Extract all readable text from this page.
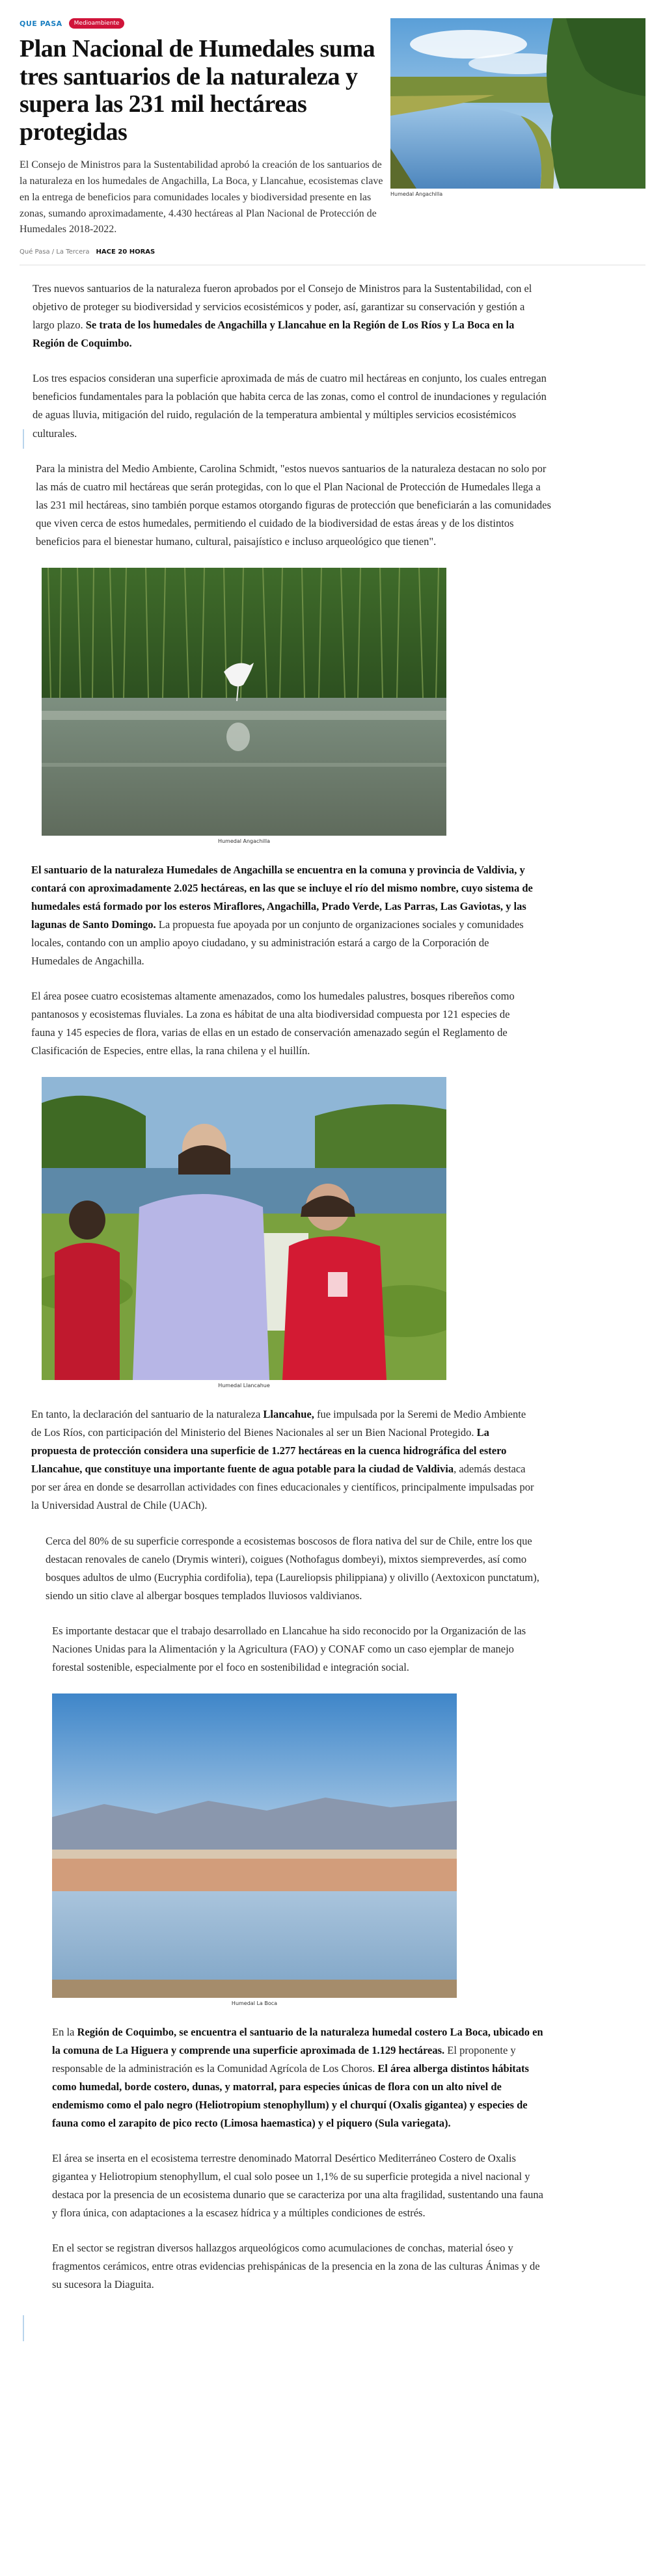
QUE PASA	Medioambiente
Plan Nacional de Humedales suma tres santuarios de la naturaleza y supera las 231 mil hectáreas protegidas

El Consejo de Ministros para la Sustentabilidad aprobó la creación de los santuarios de la naturaleza en los humedales de Angachilla, La Boca, y Llancahue, ecosistemas clave en la entrega de beneficios para comunidades locales y biodiversidad presente en las zonas, sumando aproximadamente, 4.430 hectáreas al Plan Nacional de Protección de Humedales 2018-2022.

Qué Pasa / La Tercera HACE 20 HORAS

Humedal Angachilla

Tres nuevos santuarios de la naturaleza fueron aprobados por el Consejo de Ministros para la Sustentabilidad, con el objetivo de proteger su biodiversidad y servicios ecosistémicos y poder, así, garantizar su conservación y gestión a largo plazo. Se trata de los humedales de Angachilla y Llancahue en la Región de Los Ríos y La Boca en la Región de Coquimbo.

Los tres espacios consideran una superficie aproximada de más de cuatro mil hectáreas en conjunto, los cuales entregan beneficios fundamentales para la población que habita cerca de las zonas, como el control de inundaciones y regulación de aguas lluvia, mitigación del ruido, regulación de la temperatura ambiental y múltiples servicios ecosistémicos culturales.

Para la ministra del Medio Ambiente, Carolina Schmidt, "estos nuevos santuarios de la naturaleza destacan no solo por las más de cuatro mil hectáreas que serán protegidas, con lo que el Plan Nacional de Protección de Humedales llega a las 231 mil hectáreas, sino también porque estamos otorgando figuras de protección que beneficiarán a las comunidades que viven cerca de estos humedales, permitiendo el cuidado de la biodiversidad de estas áreas y de los distintos beneficios para el bienestar humano, cultural, paisajístico e incluso arqueológico que tienen".

Humedal Angachilla

El santuario de la naturaleza Humedales de Angachilla se encuentra en la comuna y provincia de Valdivia, y contará con aproximadamente 2.025 hectáreas, en las que se incluye el río del mismo nombre, cuyo sistema de humedales está formado por los esteros Miraflores, Angachilla, Prado Verde, Las Parras, Las Gaviotas, y las lagunas de Santo Domingo. La propuesta fue apoyada por un conjunto de organizaciones sociales y comunidades locales, contando con un amplio apoyo ciudadano, y su administración estará a cargo de la Corporación de Humedales de Angachilla.

El área posee cuatro ecosistemas altamente amenazados, como los humedales palustres, bosques ribereños como pantanosos y ecosistemas fluviales. La zona es hábitat de una alta biodiversidad compuesta por 121 especies de fauna y 145 especies de flora, varias de ellas en un estado de conservación amenazado según el Reglamento de Clasificación de Especies, entre ellas, la rana chilena y el huillín.

Humedal Llancahue

En tanto, la declaración del santuario de la naturaleza Llancahue, fue impulsada por la Seremi de Medio Ambiente de Los Ríos, con participación del Ministerio del Bienes Nacionales al ser un Bien Nacional Protegido. La propuesta de protección considera una superficie de 1.277 hectáreas en la cuenca hidrográfica del estero Llancahue, que constituye una importante fuente de agua potable para la ciudad de Valdivia, además destaca por ser área en donde se desarrollan actividades con fines educacionales y científicos, principalmente impulsadas por la Universidad Austral de Chile (UACh).

Cerca del 80% de su superficie corresponde a ecosistemas boscosos de flora nativa del sur de Chile, entre los que destacan renovales de canelo (Drymis winteri), coigues (Nothofagus dombeyi), mixtos siempreverdes, así como bosques adultos de ulmo (Eucryphia cordifolia), tepa (Laureliopsis philippiana) y olivillo (Aextoxicon punctatum), siendo un sitio clave al albergar bosques templados lluviosos valdivianos.

Es importante destacar que el trabajo desarrollado en Llancahue ha sido reconocido por la Organización de las Naciones Unidas para la Alimentación y la Agricultura (FAO) y CONAF como un caso ejemplar de manejo forestal sostenible, especialmente por el foco en sostenibilidad e integración social.

Humedal La Boca

En la Región de Coquimbo, se encuentra el santuario de la naturaleza humedal costero La Boca, ubicado en la comuna de La Higuera y comprende una superficie aproximada de 1.129 hectáreas. El proponente y responsable de la administración es la Comunidad Agrícola de Los Choros. El área alberga distintos hábitats como humedal, borde costero, dunas, y matorral, para especies únicas de flora con un alto nivel de endemismo como el palo negro (Heliotropium stenophyllum) y el churquí (Oxalis gigantea) y especies de fauna como el zarapito de pico recto (Limosa haemastica) y el piquero (Sula variegata).

El área se inserta en el ecosistema terrestre denominado Matorral Desértico Mediterráneo Costero de Oxalis gigantea y Heliotropium stenophyllum, el cual solo posee un 1,1% de su superficie protegida a nivel nacional y destaca por la presencia de un ecosistema dunario que se caracteriza por una alta fragilidad, sustentando una fauna y flora única, con adaptaciones a la escasez hídrica y a múltiples condiciones de estrés.

En el sector se registran diversos hallazgos arqueológicos como acumulaciones de conchas, material óseo y fragmentos cerámicos, entre otras evidencias prehispánicas de la presencia en la zona de las culturas Ánimas y de su sucesora la Diaguita.
